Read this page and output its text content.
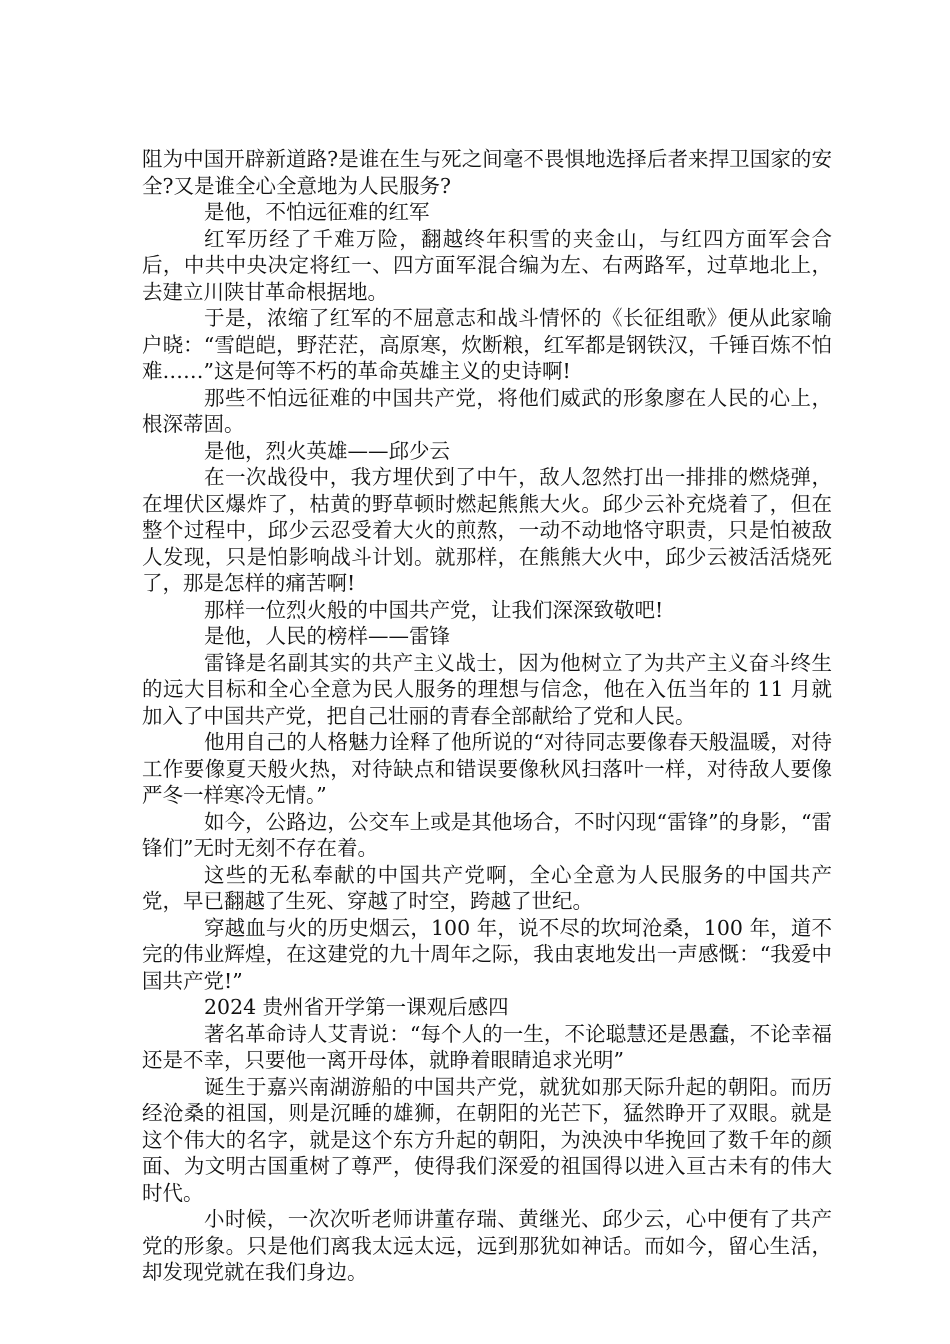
阻为中国开辟新道路?是谁在生与死之间毫不畏惧地选择后者来捍卫国家的安全?又是谁全心全意地为人民服务?

是他，不怕远征难的红军

红军历经了千难万险，翻越终年积雪的夹金山，与红四方面军会合后，中共中央决定将红一、四方面军混合编为左、右两路军，过草地北上，去建立川陕甘革命根据地。

于是，浓缩了红军的不屈意志和战斗情怀的《长征组歌》便从此家喻户晓：“雪皑皑，野茫茫，高原寒，炊断粮，红军都是钢铁汉，千锤百炼不怕难……”这是何等不朽的革命英雄主义的史诗啊!

那些不怕远征难的中国共产党，将他们威武的形象廖在人民的心上，根深蒂固。

是他，烈火英雄——邱少云

在一次战役中，我方埋伏到了中午，敌人忽然打出一排排的燃烧弹，在埋伏区爆炸了，枯黄的野草顿时燃起熊熊大火。邱少云补充烧着了，但在整个过程中，邱少云忍受着大火的煎熬，一动不动地恪守职责，只是怕被敌人发现，只是怕影响战斗计划。就那样，在熊熊大火中，邱少云被活活烧死了，那是怎样的痛苦啊!

那样一位烈火般的中国共产党，让我们深深致敬吧!

是他，人民的榜样——雷锋

雷锋是名副其实的共产主义战士，因为他树立了为共产主义奋斗终生的远大目标和全心全意为民人服务的理想与信念，他在入伍当年的 11 月就加入了中国共产党，把自己壮丽的青春全部献给了党和人民。

他用自己的人格魅力诠释了他所说的“对待同志要像春天般温暖，对待工作要像夏天般火热，对待缺点和错误要像秋风扫落叶一样，对待敌人要像严冬一样寒冷无情。”

如今，公路边，公交车上或是其他场合，不时闪现“雷锋”的身影，“雷锋们”无时无刻不存在着。

这些的无私奉献的中国共产党啊，全心全意为人民服务的中国共产党，早已翻越了生死、穿越了时空，跨越了世纪。

穿越血与火的历史烟云，100 年，说不尽的坎坷沧桑，100 年，道不完的伟业辉煌，在这建党的九十周年之际，我由衷地发出一声感慨：“我爱中国共产党!”

2024 贵州省开学第一课观后感四

著名革命诗人艾青说：“每个人的一生，不论聪慧还是愚蠢，不论幸福还是不幸，只要他一离开母体，就睁着眼睛追求光明”

诞生于嘉兴南湖游船的中国共产党，就犹如那天际升起的朝阳。而历经沧桑的祖国，则是沉睡的雄狮，在朝阳的光芒下，猛然睁开了双眼。就是这个伟大的名字，就是这个东方升起的朝阳，为泱泱中华挽回了数千年的颜面、为文明古国重树了尊严，使得我们深爱的祖国得以进入亘古未有的伟大时代。

小时候，一次次听老师讲董存瑞、黄继光、邱少云，心中便有了共产党的形象。只是他们离我太远太远，远到那犹如神话。而如今，留心生活，却发现党就在我们身边。
